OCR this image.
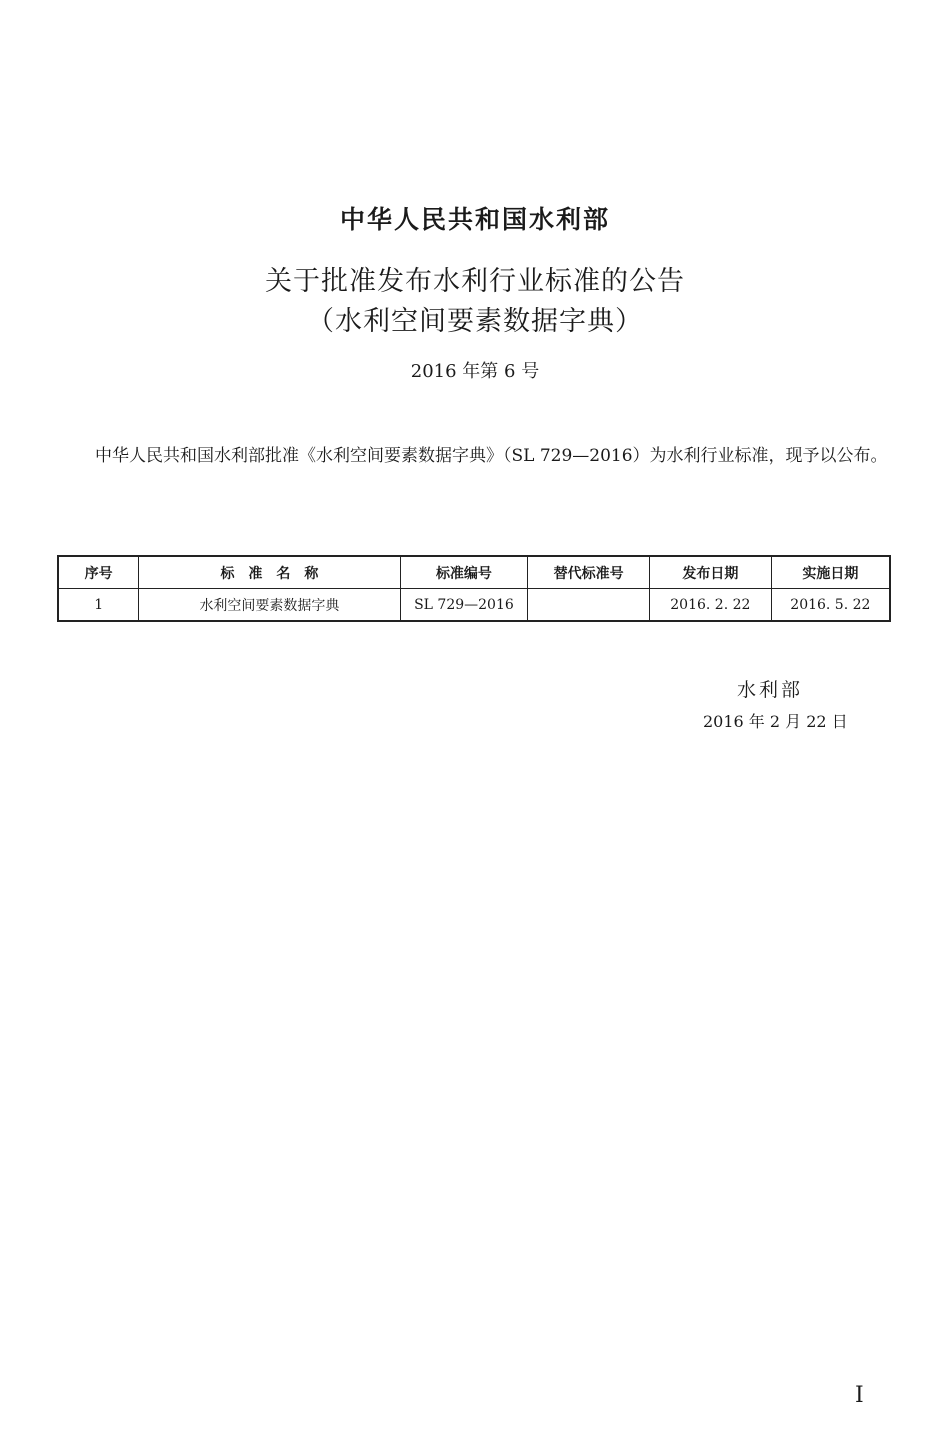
中华人民共和国水利部
关于批准发布水利行业标准的公告
（水利空间要素数据字典）
2016 年第 6 号
中华人民共和国水利部批准《水利空间要素数据字典》（SL 729—2016）为水利行业标准，现予以公布。
序号	标　准　名　称	标准编号	替代标准号	发布日期	实施日期
1	水利空间要素数据字典	SL 729—2016		2016. 2. 22	2016. 5. 22
水利部
2016 年 2 月 22 日
I
